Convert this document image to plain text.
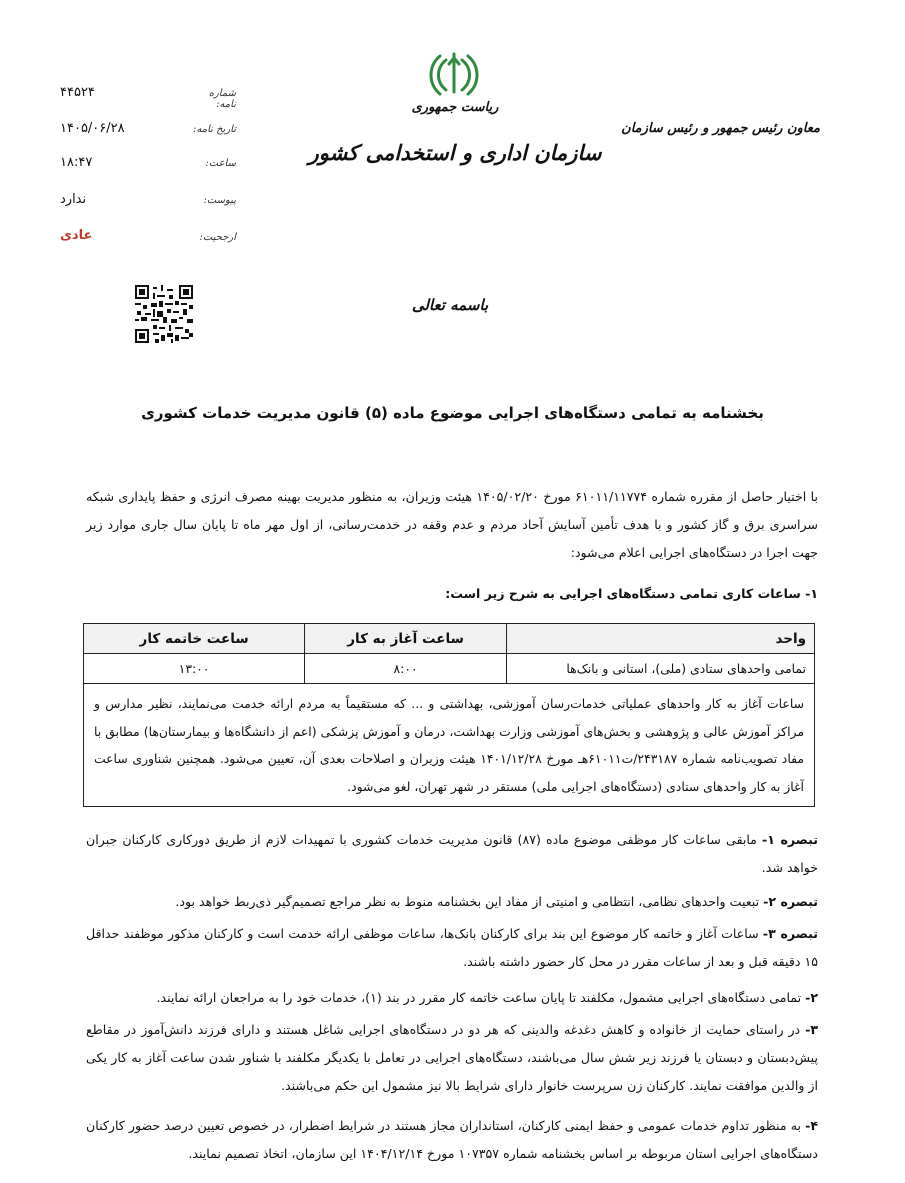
شماره نامه:
۴۴۵۲۴
تاریخ نامه:
۱۴۰۵/۰۶/۲۸
ساعت:
۱۸:۴۷
پیوست:
ندارد
ارجحیت:
عادی
ریاست جمهوری
سازمان اداری و استخدامی کشور
معاون رئیس جمهور و رئیس سازمان
باسمه تعالی
بخشنامه به تمامی دستگاه‌های اجرایی موضوع ماده (۵) قانون مدیریت خدمات کشوری
با اختیار حاصل از مقرره شماره ۶۱۰۱۱/۱۱۷۷۴ مورخ ۱۴۰۵/۰۲/۲۰ هیئت وزیران، به منظور مدیریت بهینه مصرف انرژی و حفظ پایداری شبکه سراسری برق و گاز کشور و با هدف تأمین آسایش آحاد مردم و عدم وقفه در خدمت‌رسانی، از اول مهر ماه تا پایان سال جاری موارد زیر جهت اجرا در دستگاه‌های اجرایی اعلام می‌شود:
۱- ساعات کاری تمامی دستگاه‌های اجرایی به شرح زیر است:
واحد	ساعت آغاز به کار	ساعت خاتمه کار
تمامی واحدهای ستادی (ملی)، استانی و بانک‌ها	۸:۰۰	۱۳:۰۰
ساعات آغاز به کار واحدهای عملیاتی خدمات‌رسان آموزشی، بهداشتی و ... که مستقیماً به مردم ارائه خدمت می‌نمایند، نظیر مدارس و مراکز آموزش عالی و پژوهشی و بخش‌های آموزشی وزارت بهداشت، درمان و آموزش پزشکی (اعم از دانشگاه‌ها و بیمارستان‌ها) مطابق با مفاد تصویب‌نامه شماره ۲۴۳۱۸۷/ت۶۱۰۱۱هـ مورخ ۱۴۰۱/۱۲/۲۸ هیئت وزیران و اصلاحات بعدی آن، تعیین می‌شود. همچنین شناوری ساعت آغاز به کار واحدهای ستادی (دستگاه‌های اجرایی ملی) مستقر در شهر تهران، لغو می‌شود.		
تبصره ۱- مابقی ساعات کار موظفی موضوع ماده (۸۷) قانون مدیریت خدمات کشوری با تمهیدات لازم از طریق دورکاری کارکنان جبران خواهد شد.
تبصره ۲- تبعیت واحدهای نظامی، انتظامی و امنیتی از مفاد این بخشنامه منوط به نظر مراجع تصمیم‌گیر ذی‌ربط خواهد بود.
تبصره ۳- ساعات آغاز و خاتمه کار موضوع این بند برای کارکنان بانک‌ها، ساعات موظفی ارائه خدمت است و کارکنان مذکور موظفند حداقل ۱۵ دقیقه قبل و بعد از ساعات مقرر در محل کار حضور داشته باشند.
۲- تمامی دستگاه‌های اجرایی مشمول، مکلفند تا پایان ساعت خاتمه کار مقرر در بند (۱)، خدمات خود را به مراجعان ارائه نمایند.
۳- در راستای حمایت از خانواده و کاهش دغدغه والدینی که هر دو در دستگاه‌های اجرایی شاغل هستند و دارای فرزند دانش‌آموز در مقاطع پیش‌دبستان و دبستان یا فرزند زیر شش سال می‌باشند، دستگاه‌های اجرایی در تعامل با یکدیگر مکلفند با شناور شدن ساعت آغاز به کار یکی از والدین موافقت نمایند. کارکنان زن سرپرست خانوار دارای شرایط بالا نیز مشمول این حکم می‌باشند.
۴- به منظور تداوم خدمات عمومی و حفظ ایمنی کارکنان، استانداران مجاز هستند در شرایط اضطرار، در خصوص تعیین درصد حضور کارکنان دستگاه‌های اجرایی استان مربوطه بر اساس بخشنامه شماره ۱۰۷۳۵۷ مورخ ۱۴۰۴/۱۲/۱۴ این سازمان، اتخاذ تصمیم نمایند.
